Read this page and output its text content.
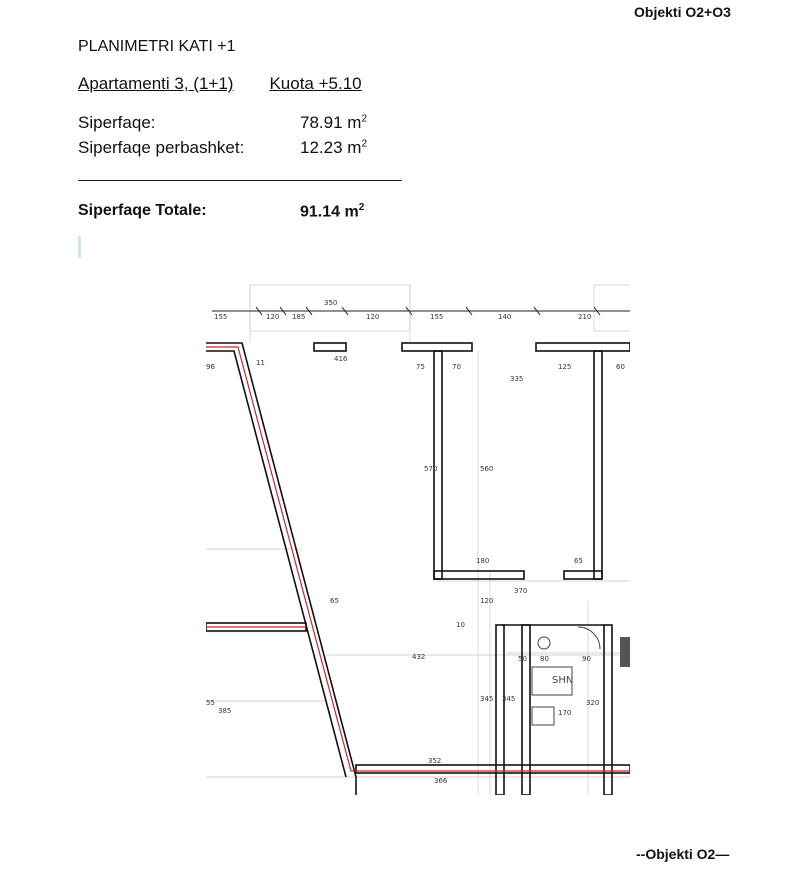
Objekti O2+O3
PLANIMETRI KATI +1
Apartamenti 3, (1+1) Kuota +5.10
Siperfaqe:	78.91 $m^2$
Siperfaqe perbashket:	12.23 $m^2$
Siperfaqe Totale:	91.14 $m^2$
155	120 185
350
120	155	140	210
416
96	75	70
335
125	60
570	560
180	65
370
120
10
65
432	80	90
50
345 345
170
320
385
55
352
366
11
SHN
--Objekti O2—
